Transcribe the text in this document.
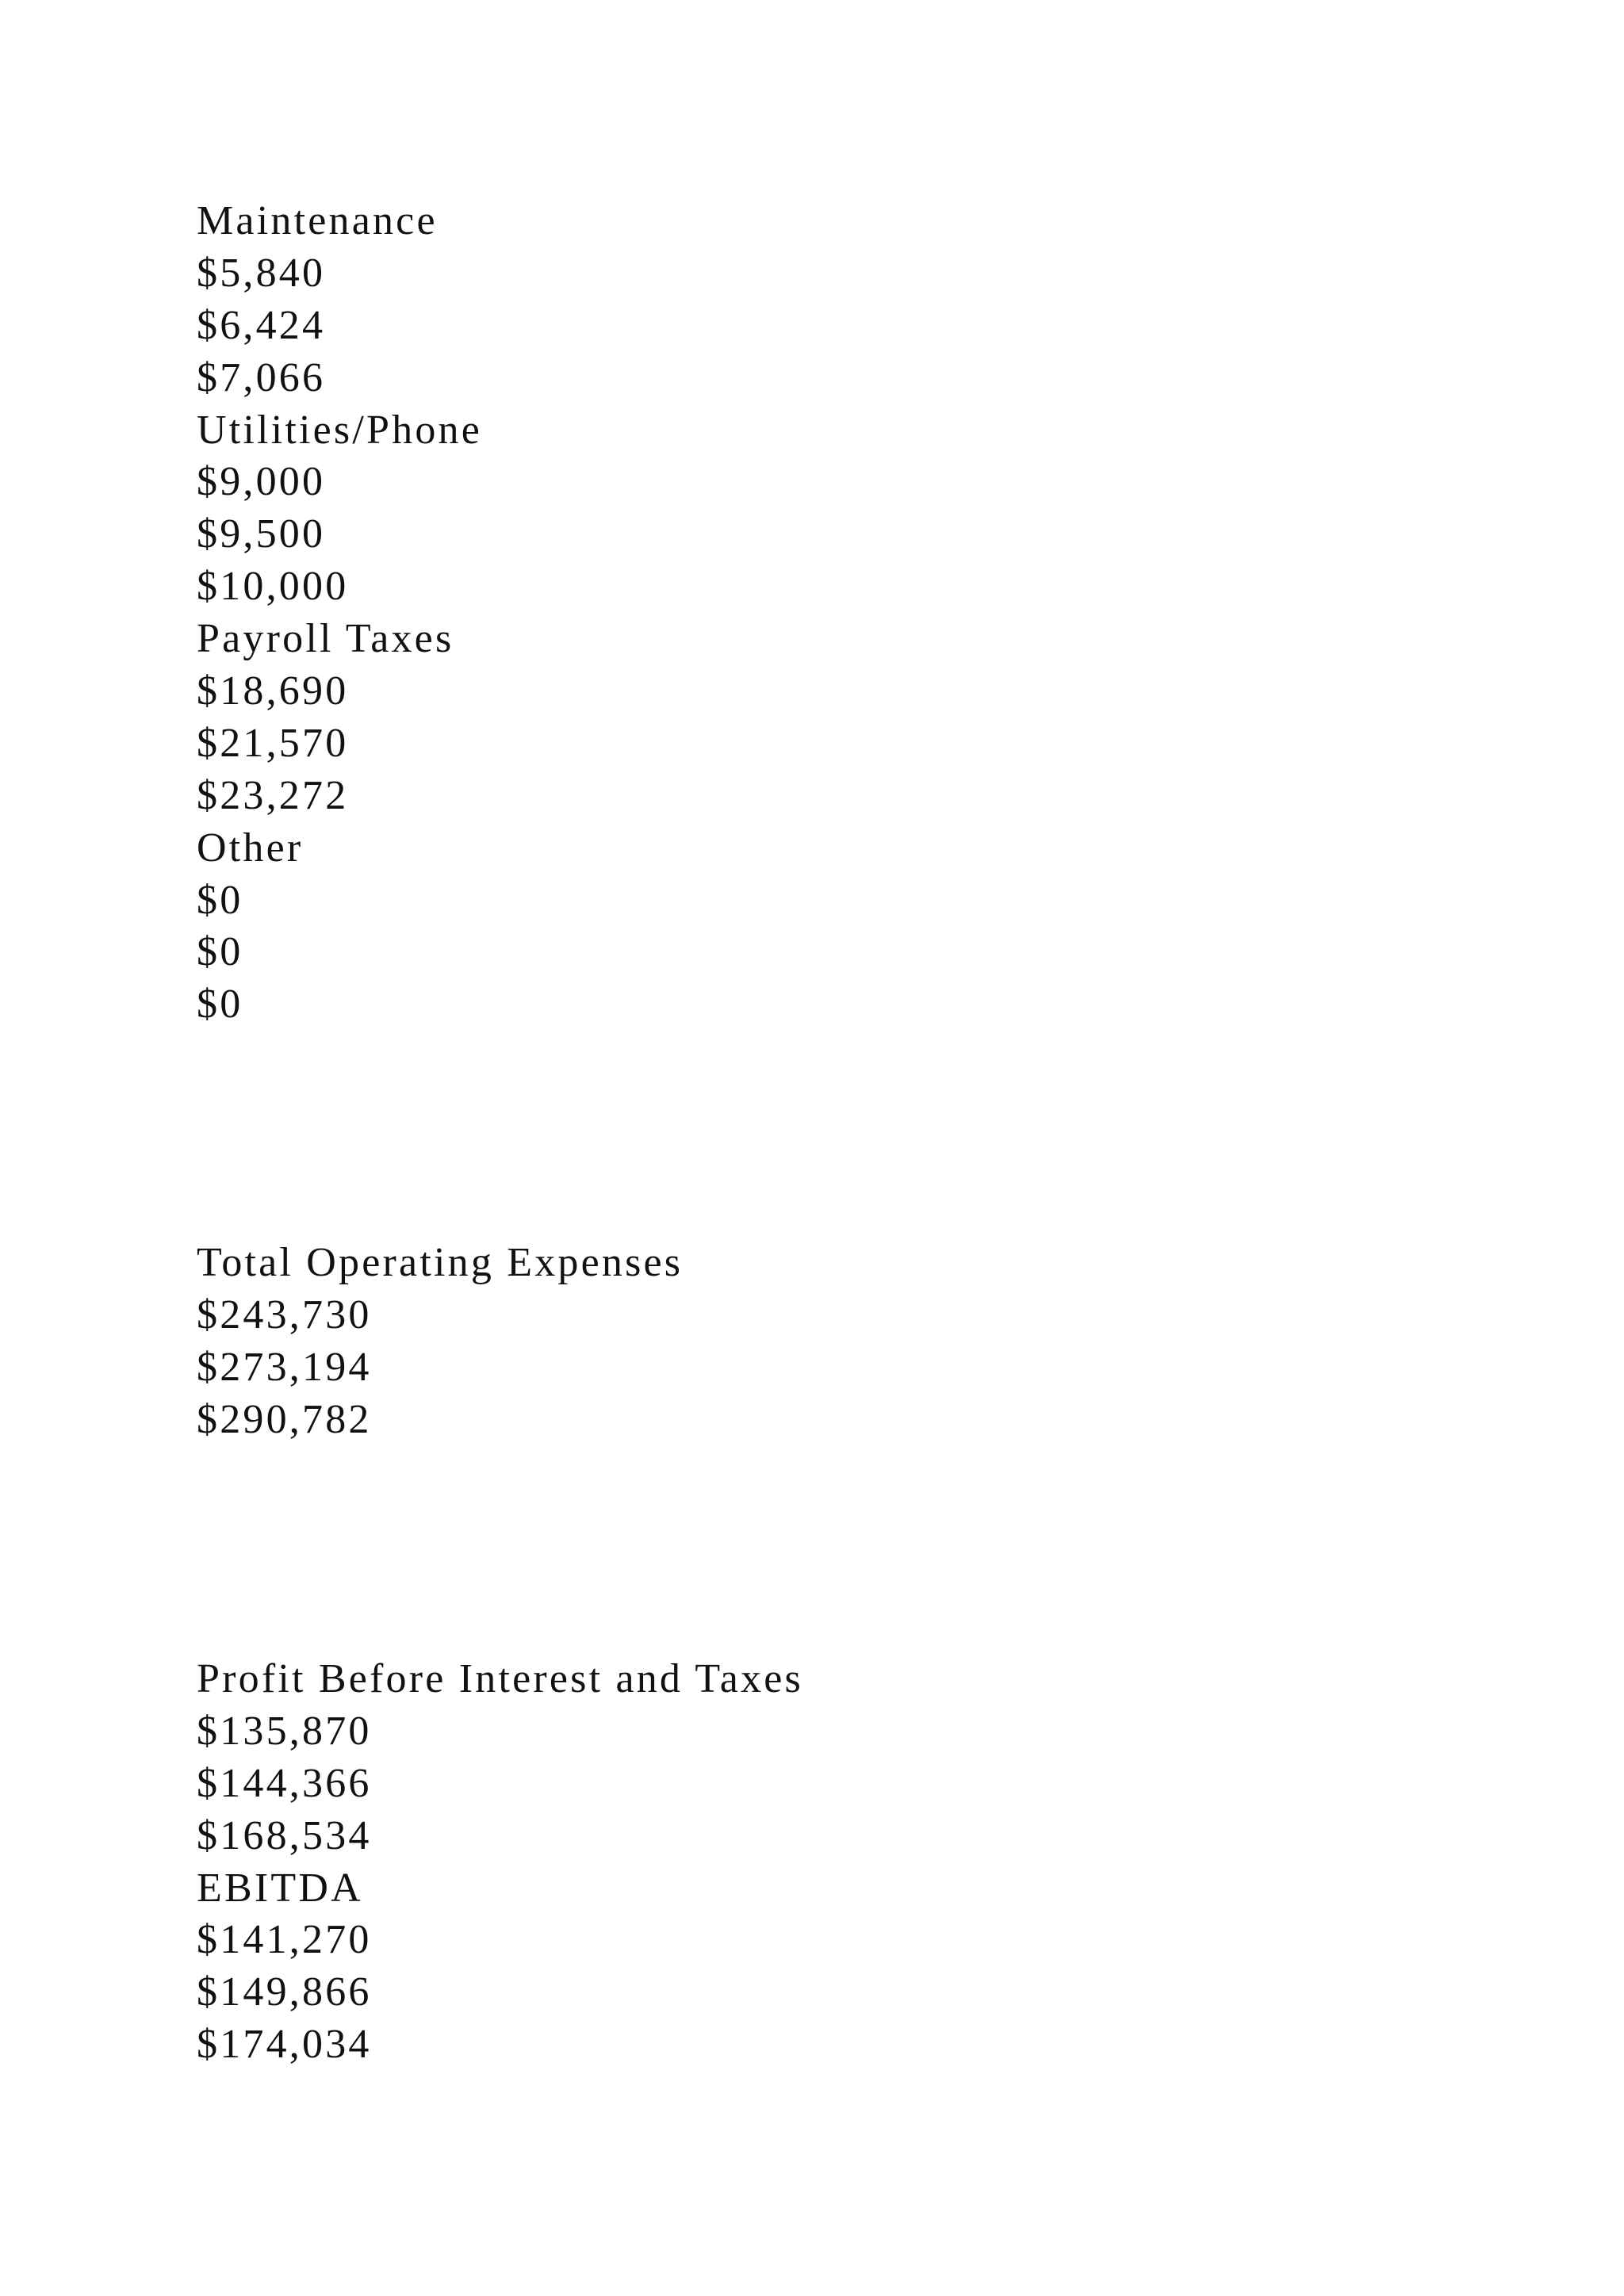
Maintenance

$5,840

$6,424

$7,066

Utilities/Phone

$9,000

$9,500

$10,000

Payroll Taxes

$18,690

$21,570

$23,272

Other

$0

$0

$0

Total Operating Expenses

$243,730

$273,194

$290,782

Profit Before Interest and Taxes

$135,870

$144,366

$168,534

EBITDA

$141,270

$149,866

$174,034
